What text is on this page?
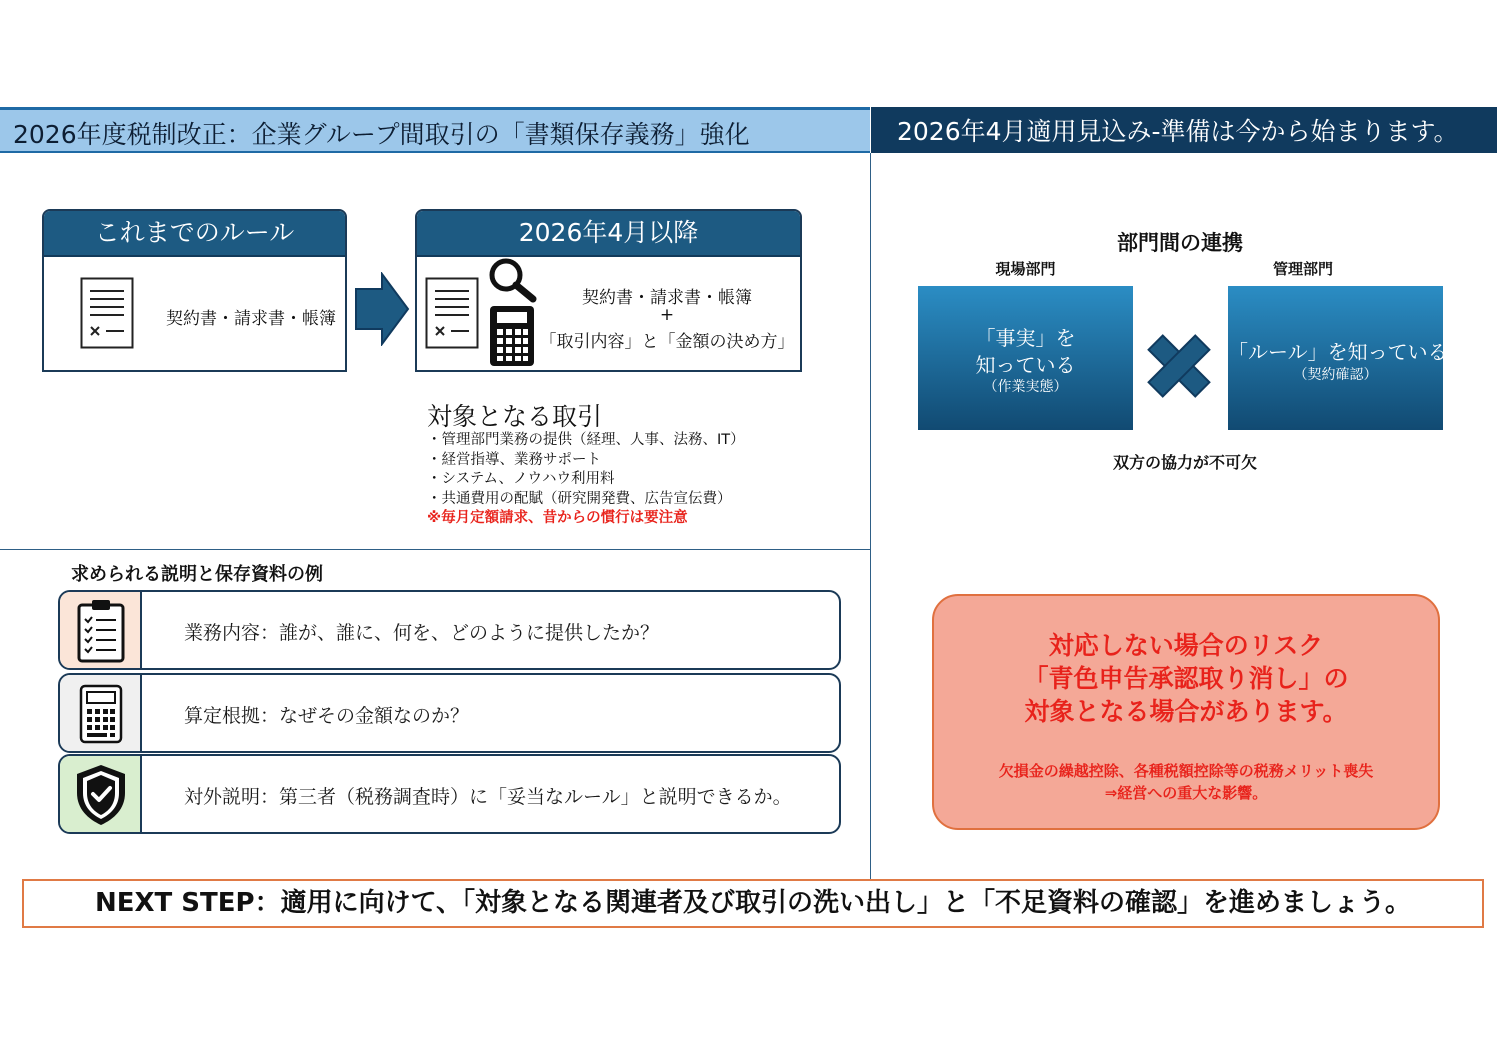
2026年度税制改正：企業グループ間取引の「書類保存義務」強化	2026年4月適用見込み-準備は今から始まります。
これまでのルール
契約書・請求書・帳簿
2026年4月以降
契約書・請求書・帳簿
+
「取引内容」と「金額の決め方」
対象となる取引
・管理部門業務の提供（経理、人事、法務、IT）
・経営指導、業務サポート
・システム、ノウハウ利用料
・共通費用の配賦（研究開発費、広告宣伝費）
※毎月定額請求、昔からの慣行は要注意
求められる説明と保存資料の例
業務内容：誰が、誰に、何を、どのように提供したか？
算定根拠：なぜその金額なのか？
対外説明：第三者（税務調査時）に「妥当なルール」と説明できるか。
部門間の連携
現場部門	管理部門
「事実」を
知っている
（作業実態）
「ルール」を知っている
（契約確認）
双方の協力が不可欠
対応しない場合のリスク
「青色申告承認取り消し」の
対象となる場合があります。
欠損金の繰越控除、各種税額控除等の税務メリット喪失
⇒経営への重大な影響。
NEXT STEP：適用に向けて、「対象となる関連者及び取引の洗い出し」と「不足資料の確認」を進めましょう。
